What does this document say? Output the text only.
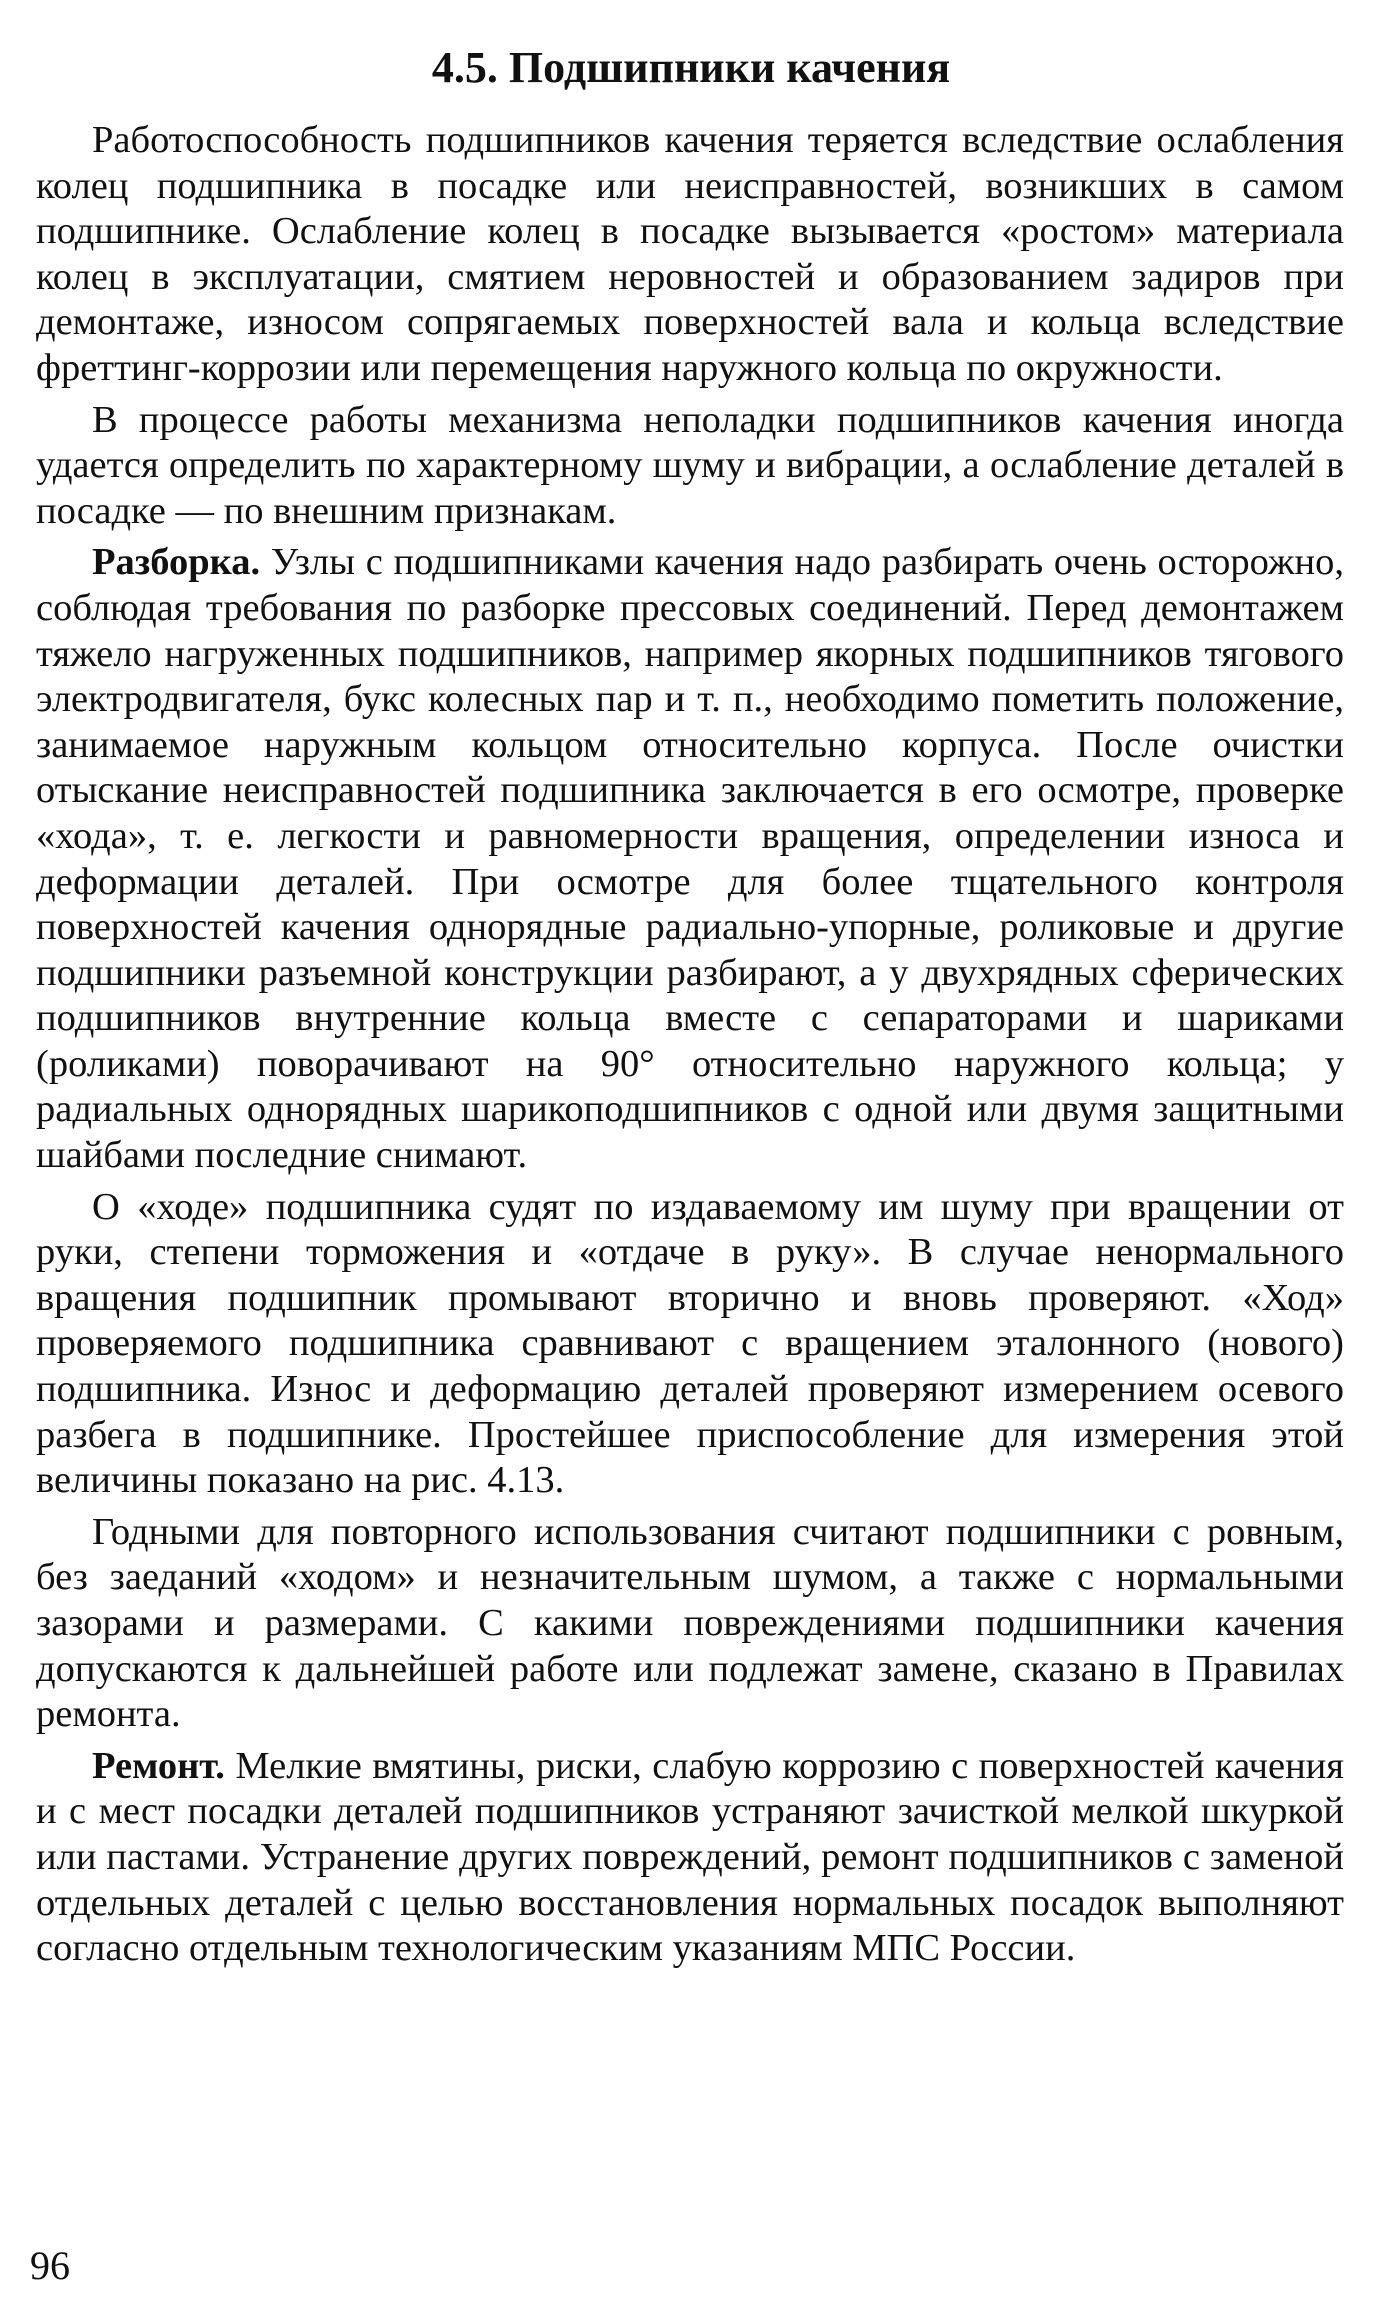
4.5. Подшипники качения

Работоспособность подшипников качения теряется вследствие ослабления колец подшипника в посадке или неисправностей, возникших в самом подшипнике. Ослабление колец в посадке вызывается «ростом» материала колец в эксплуатации, смятием неровностей и образованием задиров при демонтаже, износом сопрягаемых поверхностей вала и кольца вследствие фреттинг-коррозии или перемещения наружного кольца по окружности.

В процессе работы механизма неполадки подшипников качения иногда удается определить по характерному шуму и вибрации, а ослабление деталей в посадке — по внешним признакам.

Разборка. Узлы с подшипниками качения надо разбирать очень осторожно, соблюдая требования по разборке прессовых соединений. Перед демонтажем тяжело нагруженных подшипников, например якорных подшипников тягового электродвигателя, букс колесных пар и т. п., необходимо пометить положение, занимаемое наружным кольцом относительно корпуса. После очистки отыскание неисправностей подшипника заключается в его осмотре, проверке «хода», т. е. легкости и равномерности вращения, определении износа и деформации деталей. При осмотре для более тщательного контроля поверхностей качения однорядные радиально-упорные, роликовые и другие подшипники разъемной конструкции разбирают, а у двухрядных сферических подшипников внутренние кольца вместе с сепараторами и шариками (роликами) поворачивают на 90° относительно наружного кольца; у радиальных однорядных шарикоподшипников с одной или двумя защитными шайбами последние снимают.

О «ходе» подшипника судят по издаваемому им шуму при вращении от руки, степени торможения и «отдаче в руку». В случае ненормального вращения подшипник промывают вторично и вновь проверяют. «Ход» проверяемого подшипника сравнивают с вращением эталонного (нового) подшипника. Износ и деформацию деталей проверяют измерением осевого разбега в подшипнике. Простейшее приспособление для измерения этой величины показано на рис. 4.13.

Годными для повторного использования считают подшипники с ровным, без заеданий «ходом» и незначительным шумом, а также с нормальными зазорами и размерами. С какими повреждениями подшипники качения допускаются к дальнейшей работе или подлежат замене, сказано в Правилах ремонта.

Ремонт. Мелкие вмятины, риски, слабую коррозию с поверхностей качения и с мест посадки деталей подшипников устраняют зачисткой мелкой шкуркой или пастами. Устранение других повреждений, ремонт подшипников с заменой отдельных деталей с целью восстановления нормальных посадок выполняют согласно отдельным технологическим указаниям МПС России.

96
